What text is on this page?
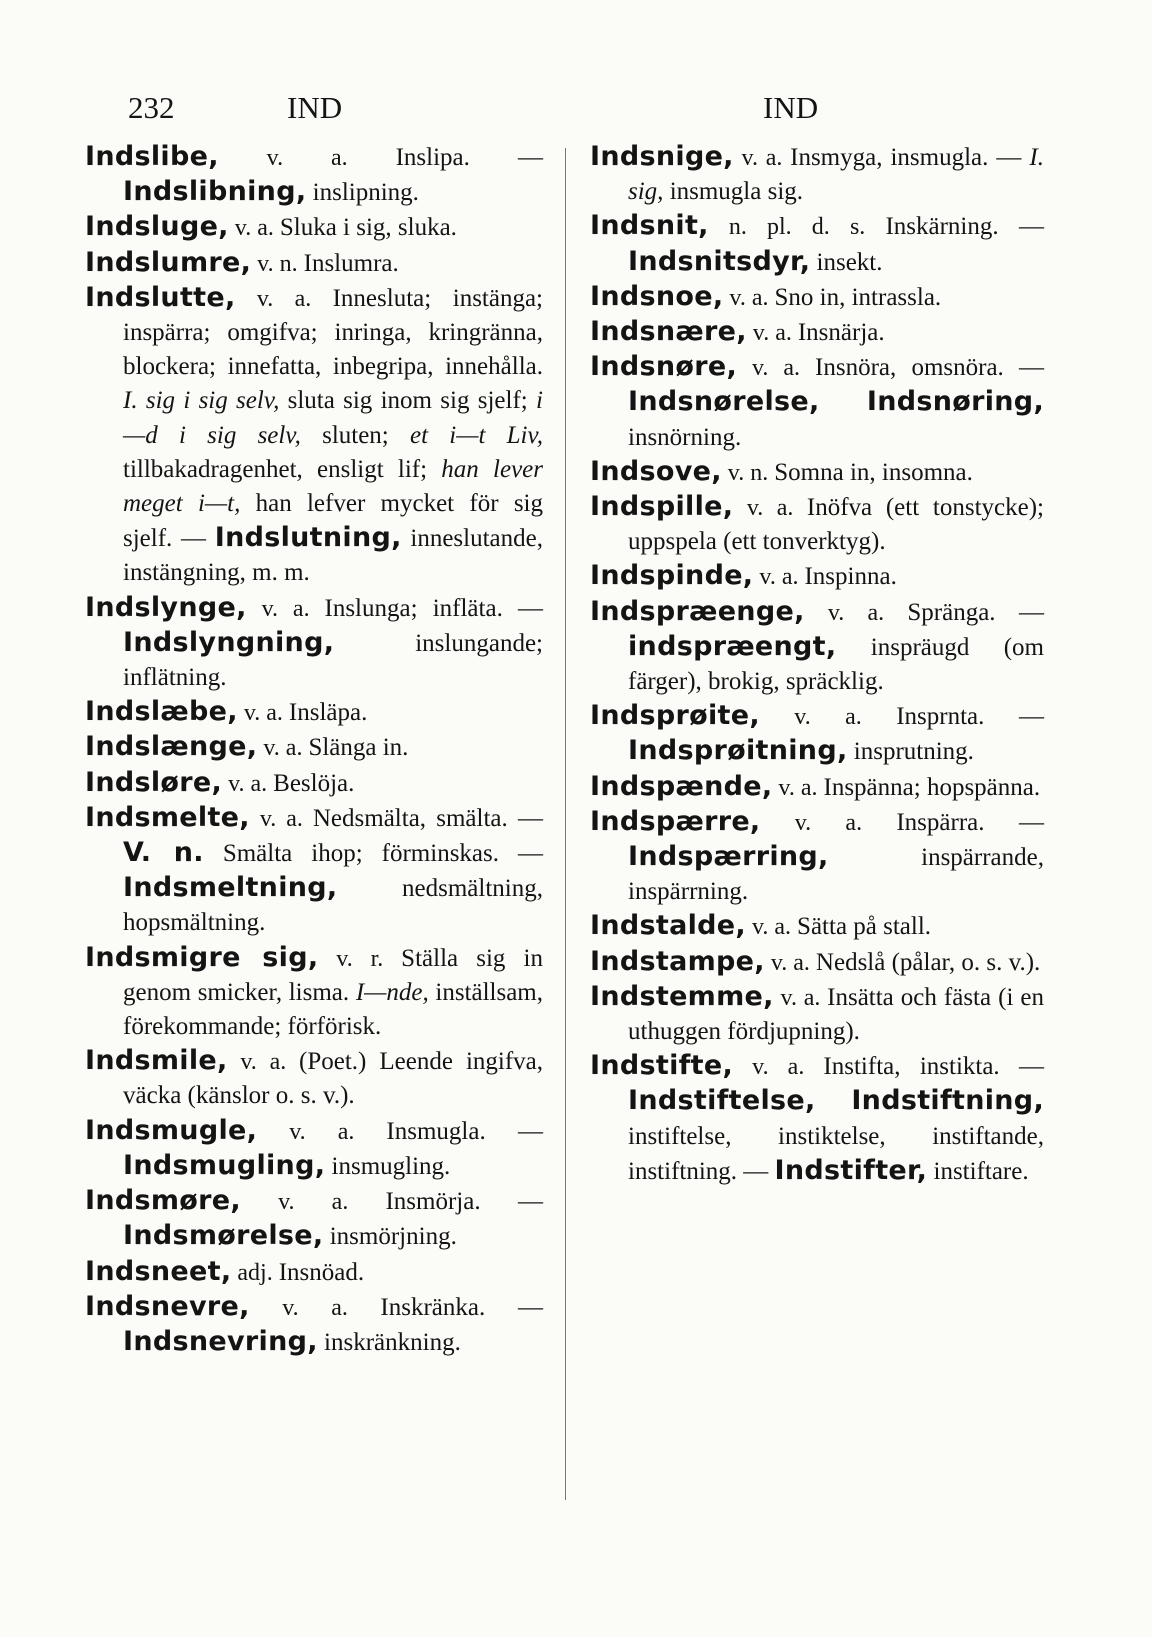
232	IND	IND

Indslibe, v. a. Inslipa. — Indslibning, inslipning.

Indsluge, v. a. Sluka i sig, sluka.

Indslumre, v. n. Inslumra.

Indslutte, v. a. Innesluta; instänga; inspärra; omgifva; inringa, kringränna, blockera; innefatta, inbegripa, innehålla. I. sig i sig selv, sluta sig inom sig sjelf; i—d i sig selv, sluten; et i—t Liv, tillbakadragenhet, ensligt lif; han lever meget i—t, han lefver mycket för sig sjelf. — Indslutning, inneslutande, instängning, m. m.

Indslynge, v. a. Inslunga; infläta. — Indslyngning, inslungande; inflätning.

Indslæbe, v. a. Insläpa.

Indslænge, v. a. Slänga in.

Indsløre, v. a. Beslöja.

Indsmelte, v. a. Nedsmälta, smälta. — V. n. Smälta ihop; förminskas. — Indsmeltning, nedsmältning, hopsmältning.

Indsmigre sig, v. r. Ställa sig in genom smicker, lisma. I—nde, inställsam, förekommande; förförisk.

Indsmile, v. a. (Poet.) Leende ingifva, väcka (känslor o. s. v.).

Indsmugle, v. a. Insmugla. — Indsmugling, insmugling.

Indsmøre, v. a. Insmörja. — Indsmørelse, insmörjning.

Indsneet, adj. Insnöad.

Indsnevre, v. a. Inskränka. — Indsnevring, inskränkning.

Indsnige, v. a. Insmyga, insmugla. — I. sig, insmugla sig.

Indsnit, n. pl. d. s. Inskärning. — Indsnitsdyr, insekt.

Indsnoe, v. a. Sno in, intrassla.

Indsnære, v. a. Insnärja.

Indsnøre, v. a. Insnöra, omsnöra. — Indsnørelse, Indsnøring, insnörning.

Indsove, v. n. Somna in, insomna.

Indspille, v. a. Inöfva (ett tonstycke); uppspela (ett tonverktyg).

Indspinde, v. a. Inspinna.

Indspræenge, v. a. Spränga. — indspræengt, inspräugd (om färger), brokig, spräcklig.

Indsprøite, v. a. Insprnta. — Indsprøitning, insprutning.

Indspænde, v. a. Inspänna; hopspänna.

Indspærre, v. a. Inspärra. — Indspærring, inspärrande, inspärrning.

Indstalde, v. a. Sätta på stall.

Indstampe, v. a. Nedslå (pålar, o. s. v.).

Indstemme, v. a. Insätta och fästa (i en uthuggen fördjupning).

Indstifte, v. a. Instifta, instikta. — Indstiftelse, Indstiftning, instiftelse, instiktelse, instiftande, instiftning. — Indstifter, instiftare.
